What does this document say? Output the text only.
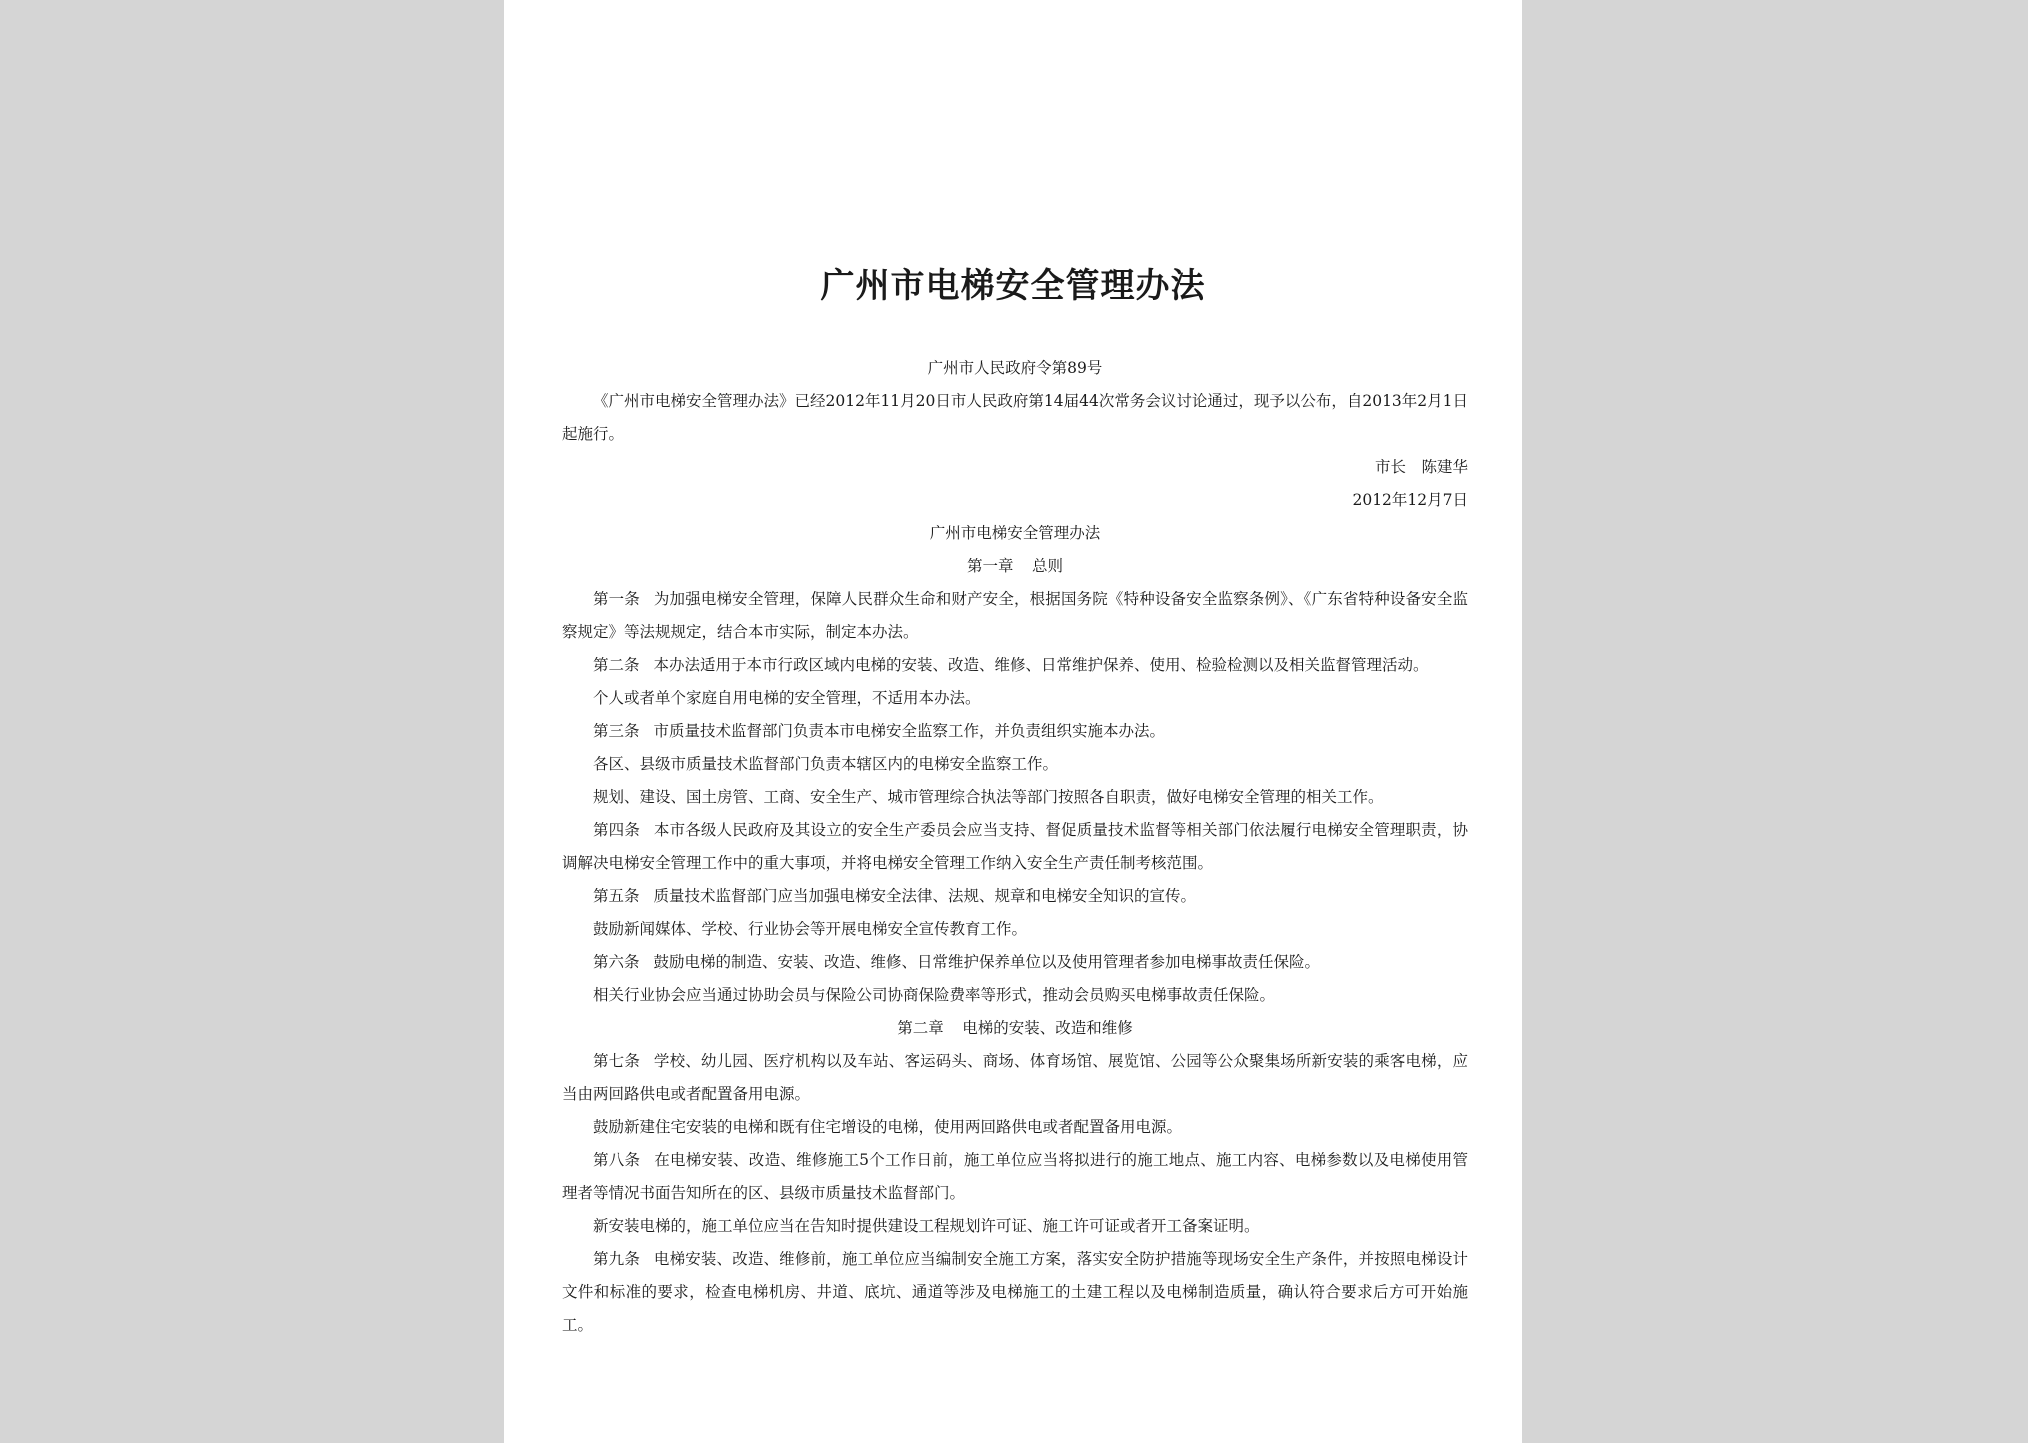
广州市电梯安全管理办法
广州市人民政府令第89号
《广州市电梯安全管理办法》已经2012年11月20日市人民政府第14届44次常务会议讨论通过，现予以公布，自2013年2月1日起施行。
市长 陈建华
2012年12月7日
广州市电梯安全管理办法
第一章 总则
第一条 为加强电梯安全管理，保障人民群众生命和财产安全，根据国务院《特种设备安全监察条例》、《广东省特种设备安全监察规定》等法规规定，结合本市实际，制定本办法。
第二条 本办法适用于本市行政区域内电梯的安装、改造、维修、日常维护保养、使用、检验检测以及相关监督管理活动。
个人或者单个家庭自用电梯的安全管理，不适用本办法。
第三条 市质量技术监督部门负责本市电梯安全监察工作，并负责组织实施本办法。
各区、县级市质量技术监督部门负责本辖区内的电梯安全监察工作。
规划、建设、国土房管、工商、安全生产、城市管理综合执法等部门按照各自职责，做好电梯安全管理的相关工作。
第四条 本市各级人民政府及其设立的安全生产委员会应当支持、督促质量技术监督等相关部门依法履行电梯安全管理职责，协调解决电梯安全管理工作中的重大事项，并将电梯安全管理工作纳入安全生产责任制考核范围。
第五条 质量技术监督部门应当加强电梯安全法律、法规、规章和电梯安全知识的宣传。
鼓励新闻媒体、学校、行业协会等开展电梯安全宣传教育工作。
第六条 鼓励电梯的制造、安装、改造、维修、日常维护保养单位以及使用管理者参加电梯事故责任保险。
相关行业协会应当通过协助会员与保险公司协商保险费率等形式，推动会员购买电梯事故责任保险。
第二章 电梯的安装、改造和维修
第七条 学校、幼儿园、医疗机构以及车站、客运码头、商场、体育场馆、展览馆、公园等公众聚集场所新安装的乘客电梯，应当由两回路供电或者配置备用电源。
鼓励新建住宅安装的电梯和既有住宅增设的电梯，使用两回路供电或者配置备用电源。
第八条 在电梯安装、改造、维修施工5个工作日前，施工单位应当将拟进行的施工地点、施工内容、电梯参数以及电梯使用管理者等情况书面告知所在的区、县级市质量技术监督部门。
新安装电梯的，施工单位应当在告知时提供建设工程规划许可证、施工许可证或者开工备案证明。
第九条 电梯安装、改造、维修前，施工单位应当编制安全施工方案，落实安全防护措施等现场安全生产条件，并按照电梯设计文件和标准的要求，检查电梯机房、井道、底坑、通道等涉及电梯施工的土建工程以及电梯制造质量，确认符合要求后方可开始施工。
